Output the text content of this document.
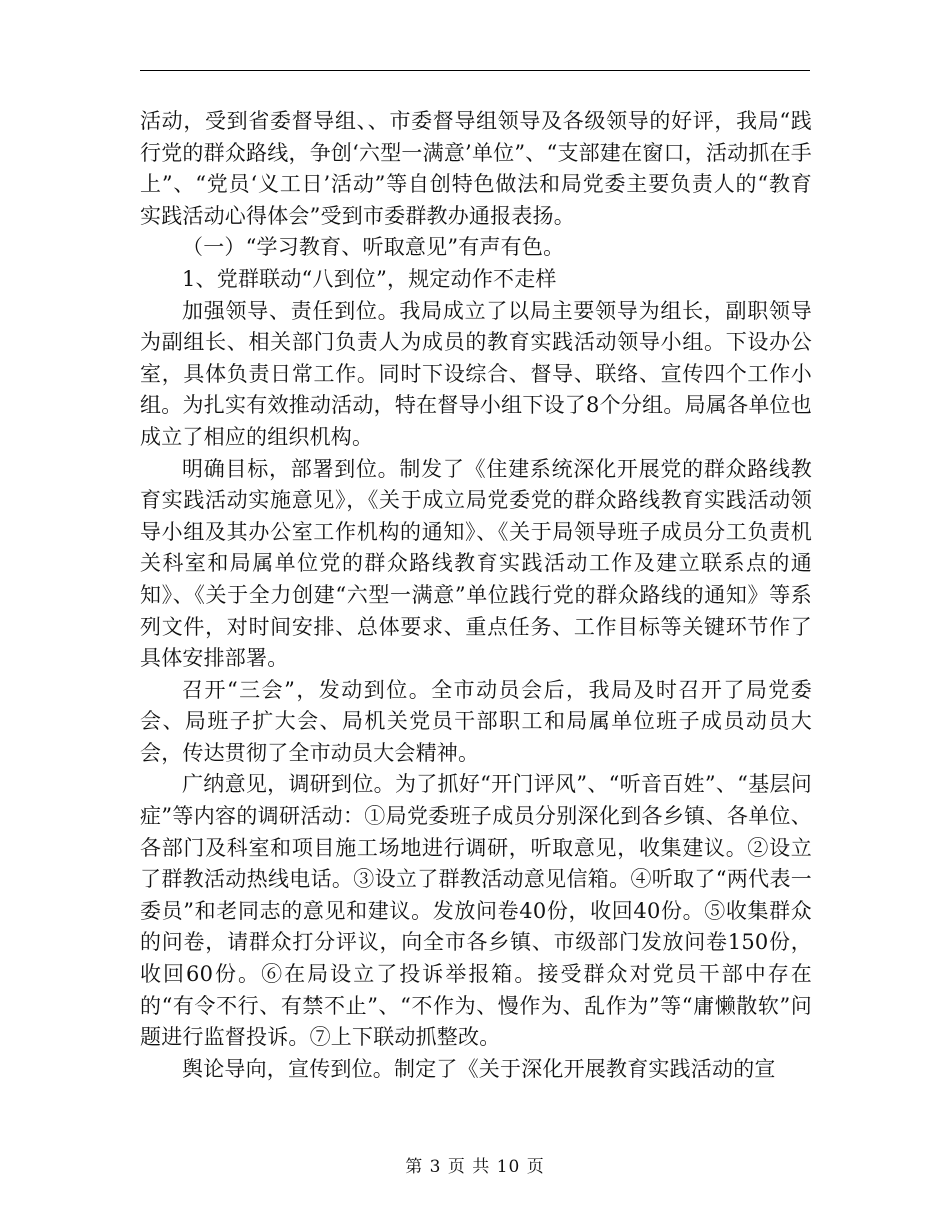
活动，受到省委督导组、、市委督导组领导及各级领导的好评，我局“践行党的群众路线，争创‘六型一满意’单位”、“支部建在窗口，活动抓在手上”、“党员‘义工日’活动”等自创特色做法和局党委主要负责人的“教育实践活动心得体会”受到市委群教办通报表扬。

（一）“学习教育、听取意见”有声有色。

1、党群联动“八到位”，规定动作不走样

加强领导、责任到位。我局成立了以局主要领导为组长，副职领导为副组长、相关部门负责人为成员的教育实践活动领导小组。下设办公室，具体负责日常工作。同时下设综合、督导、联络、宣传四个工作小组。为扎实有效推动活动，特在督导小组下设了8个分组。局属各单位也成立了相应的组织机构。

明确目标，部署到位。制发了《住建系统深化开展党的群众路线教育实践活动实施意见》，《关于成立局党委党的群众路线教育实践活动领导小组及其办公室工作机构的通知》、《关于局领导班子成员分工负责机关科室和局属单位党的群众路线教育实践活动工作及建立联系点的通知》、《关于全力创建“六型一满意”单位践行党的群众路线的通知》等系列文件，对时间安排、总体要求、重点任务、工作目标等关键环节作了具体安排部署。

召开“三会”，发动到位。全市动员会后，我局及时召开了局党委会、局班子扩大会、局机关党员干部职工和局属单位班子成员动员大会，传达贯彻了全市动员大会精神。

广纳意见，调研到位。为了抓好“开门评风”、“听音百姓”、“基层问症”等内容的调研活动：①局党委班子成员分别深化到各乡镇、各单位、各部门及科室和项目施工场地进行调研，听取意见，收集建议。②设立了群教活动热线电话。③设立了群教活动意见信箱。④听取了“两代表一委员”和老同志的意见和建议。发放问卷40份，收回40份。⑤收集群众的问卷，请群众打分评议，向全市各乡镇、市级部门发放问卷150份，收回60份。⑥在局设立了投诉举报箱。接受群众对党员干部中存在的“有令不行、有禁不止”、“不作为、慢作为、乱作为”等“庸懒散软”问题进行监督投诉。⑦上下联动抓整改。

舆论导向，宣传到位。制定了《关于深化开展教育实践活动的宣

第 3 页 共 10 页
